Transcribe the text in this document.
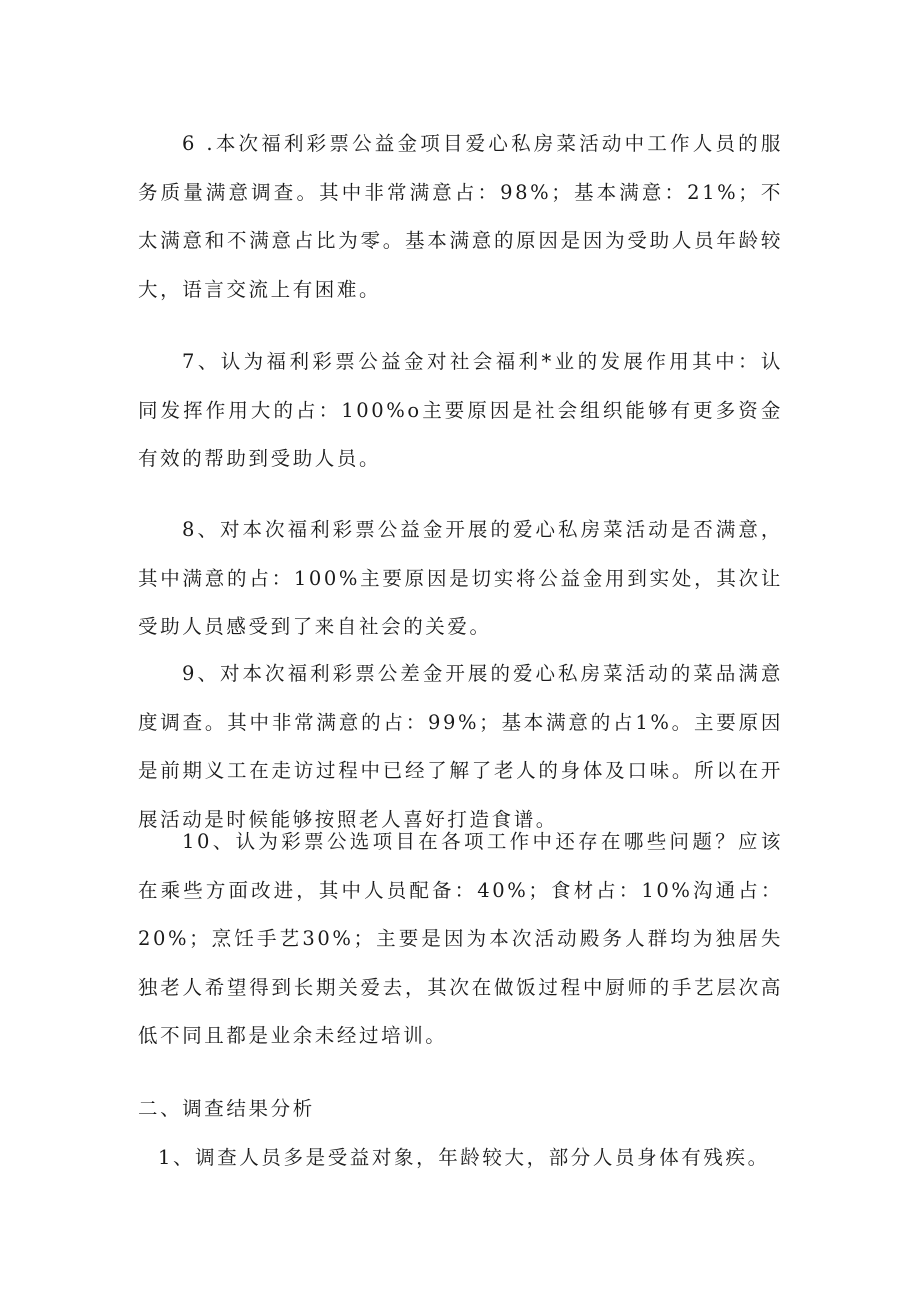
6 .本次福利彩票公益金项目爱心私房菜活动中工作人员的服务质量满意调查。其中非常满意占：98%；基本满意：21%；不太满意和不满意占比为零。基本满意的原因是因为受助人员年龄较大，语言交流上有困难。

7、认为福利彩票公益金对社会福利*业的发展作用其中：认同发挥作用大的占：100%o主要原因是社会组织能够有更多资金有效的帮助到受助人员。

8、对本次福利彩票公益金开展的爱心私房菜活动是否满意，其中满意的占：100%主要原因是切实将公益金用到实处，其次让受助人员感受到了来自社会的关爱。

9、对本次福利彩票公差金开展的爱心私房菜活动的菜品满意度调查。其中非常满意的占：99%；基本满意的占1%。主要原因是前期义工在走访过程中已经了解了老人的身体及口味。所以在开展活动是时候能够按照老人喜好打造食谱。

10、认为彩票公选项目在各项工作中还存在哪些问题？应该在乘些方面改进，其中人员配备：40%；食材占：10%沟通占：20%；烹饪手艺30%；主要是因为本次活动殿务人群均为独居失独老人希望得到长期关爱去，其次在做饭过程中厨师的手艺层次高低不同且都是业余未经过培训。

二、调查结果分析

1、调查人员多是受益对象，年龄较大，部分人员身体有残疾。
